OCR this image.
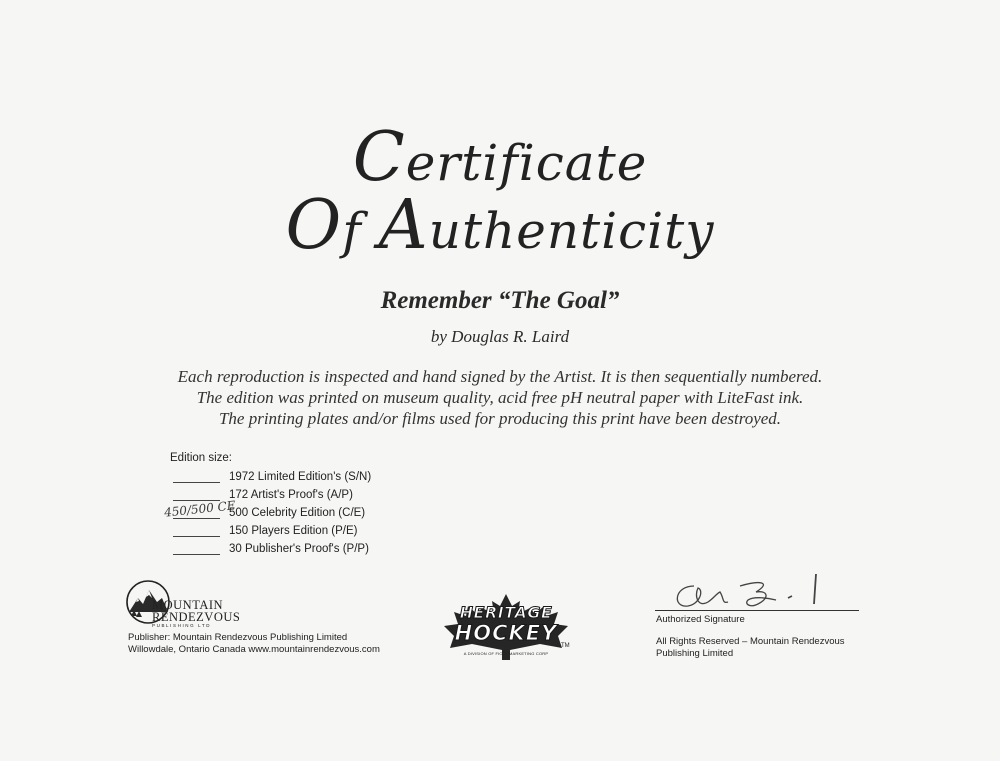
Certificate
Of Authenticity
Remember “The Goal”
by Douglas R. Laird
Each reproduction is inspected and hand signed by the Artist. It is then sequentially numbered.
The edition was printed on museum quality, acid free pH neutral paper with LiteFast ink.
The printing plates and/or films used for producing this print have been destroyed.
Edition size:
1972 Limited Edition's (S/N)
172 Artist's Proof's (A/P)
450/500 CE
500 Celebrity Edition (C/E)
150 Players Edition (P/E)
30 Publisher's Proof's (P/P)
MOUNTAIN
RENDEZVOUS
PUBLISHING LTD
Publisher: Mountain Rendezvous Publishing Limited
Willowdale, Ontario Canada www.mountainrendezvous.com
HERITAGE
HOCKEY
TM
A DIVISION OF FICEL MARKETING CORP
Authorized Signature
All Rights Reserved – Mountain Rendezvous
Publishing Limited
